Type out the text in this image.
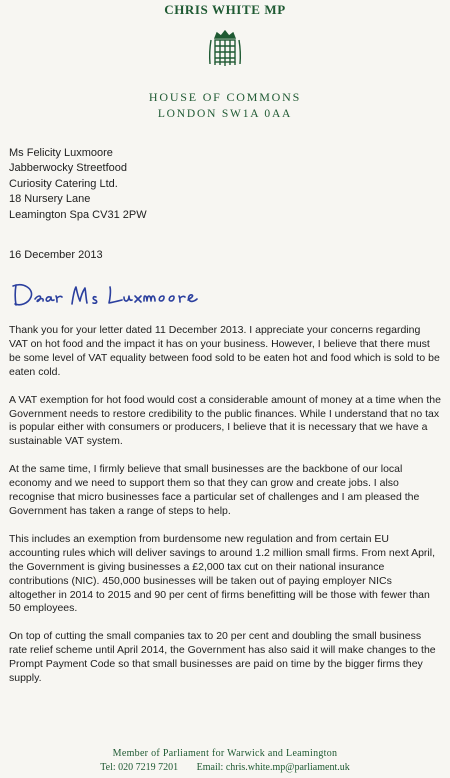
CHRIS WHITE MP
HOUSE OF COMMONS
LONDON SW1A 0AA
Ms Felicity Luxmoore
Jabberwocky Streetfood
Curiosity Catering Ltd.
18 Nursery Lane
Leamington Spa CV31 2PW
16 December 2013

Thank you for your letter dated 11 December 2013. I appreciate your concerns regarding VAT on hot food and the impact it has on your business. However, I believe that there must be some level of VAT equality between food sold to be eaten hot and food which is sold to be eaten cold.

A VAT exemption for hot food would cost a considerable amount of money at a time when the Government needs to restore credibility to the public finances. While I understand that no tax is popular either with consumers or producers, I believe that it is necessary that we have a sustainable VAT system.

At the same time, I firmly believe that small businesses are the backbone of our local economy and we need to support them so that they can grow and create jobs. I also recognise that micro businesses face a particular set of challenges and I am pleased the Government has taken a range of steps to help.

This includes an exemption from burdensome new regulation and from certain EU accounting rules which will deliver savings to around 1.2 million small firms. From next April, the Government is giving businesses a £2,000 tax cut on their national insurance contributions (NIC). 450,000 businesses will be taken out of paying employer NICs altogether in 2014 to 2015 and 90 per cent of firms benefitting will be those with fewer than 50 employees.

On top of cutting the small companies tax to 20 per cent and doubling the small business rate relief scheme until April 2014, the Government has also said it will make changes to the Prompt Payment Code so that small businesses are paid on time by the bigger firms they supply.

Member of Parliament for Warwick and Leamington
Tel: 020 7219 7201 Email: chris.white.mp@parliament.uk
